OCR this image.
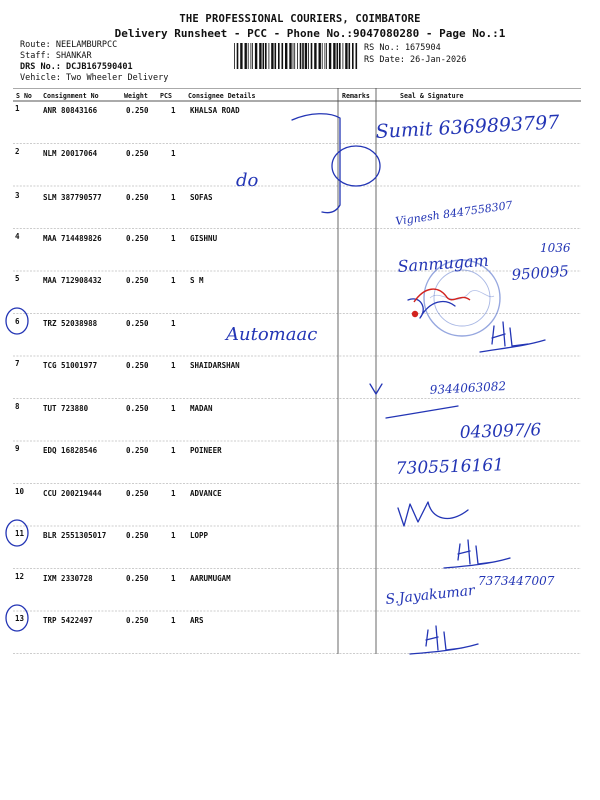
THE PROFESSIONAL COURIERS, COIMBATORE
Delivery Runsheet - PCC - Phone No.:9047080280 - Page No.:1
Route: NEELAMBURPCC
Staff: SHANKAR
DRS No.: DCJB167590401
Vehicle: Two Wheeler Delivery
RS No.: 1675904
RS Date: 26-Jan-2026
S No Consignment No	Weight PCS Consignee Details	Remarks	Seal & Signature
1	ANR 80843166	0.250	1 KHALSA ROAD
2	NLM 20017064	0.250	1
3	SLM 387790577	0.250	1 SOFAS
4	MAA 714489826	0.250	1 GISHNU
5	MAA 712908432	0.250	1 S M
6	TRZ 52038988	0.250	1
7	TCG 51001977	0.250	1 SHAIDARSHAN
8	TUT 723880	0.250	1 MADAN
9	EDQ 16828546	0.250	1 POINEER
10	CCU 200219444	0.250	1 ADVANCE
11	BLR 2551305017	0.250	1 LOPP
12	IXM 2330728	0.250	1 AARUMUGAM
13	TRP 5422497	0.250	1 ARS
do
Automaac
Sumit 6369893797
Vignesh 8447558307
Sanmugam
1036
950095
9344063082
043097/6
7305516161
S.Jayakumar
7373447007
HL
